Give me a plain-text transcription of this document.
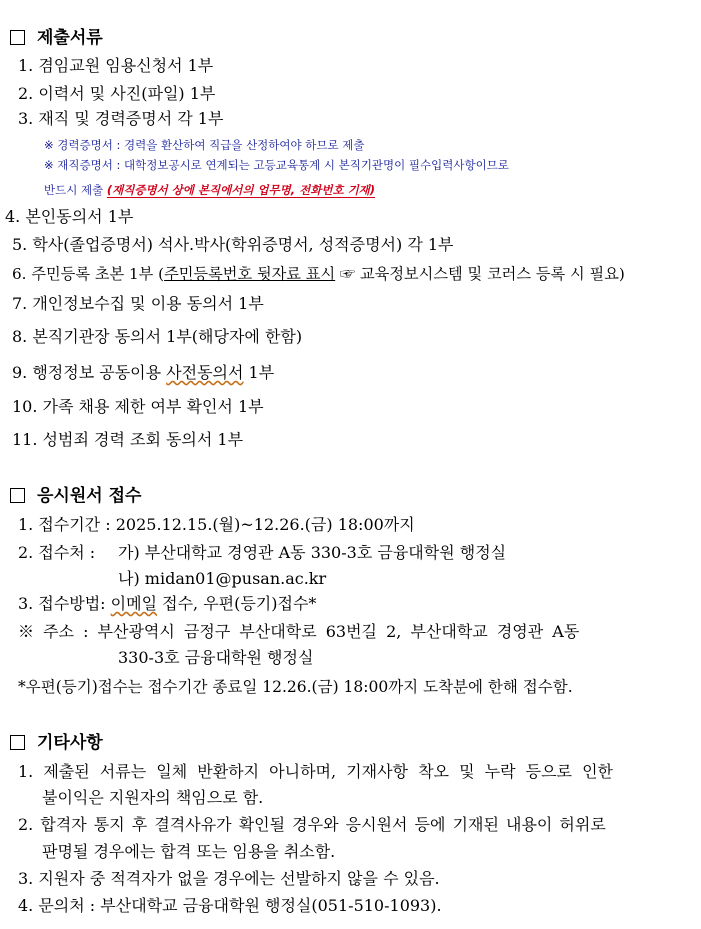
제출서류
1. 겸임교원 임용신청서 1부
2. 이력서 및 사진(파일) 1부
3. 재직 및 경력증명서 각 1부
※ 경력증명서 : 경력을 환산하여 직급을 산정하여야 하므로 제출
※ 재직증명서 : 대학정보공시로 연계되는 고등교육통계 시 본직기관명이 필수입력사항이므로
반드시 제출 (재직증명서 상에 본직에서의 업무명, 전화번호 기재)
4. 본인동의서 1부
5. 학사(졸업증명서) 석사.박사(학위증명서, 성적증명서) 각 1부
6. 주민등록 초본 1부 (주민등록번호 뒷자료 표시 ☞ 교육정보시스템 및 코러스 등록 시 필요)
7. 개인정보수집 및 이용 동의서 1부
8. 본직기관장 동의서 1부(해당자에 한함)
9. 행정정보 공동이용 사전동의서 1부
10. 가족 채용 제한 여부 확인서 1부
11. 성범죄 경력 조회 동의서 1부
응시원서 접수
1. 접수기간 : 2025.12.15.(월)~12.26.(금) 18:00까지
2. 접수처 : 가) 부산대학교 경영관 A동 330-3호 금융대학원 행정실
나) midan01@pusan.ac.kr
3. 접수방법: 이메일 접수, 우편(등기)접수*
※ 주소 : 부산광역시 금정구 부산대학로 63번길 2, 부산대학교 경영관 A동
330-3호 금융대학원 행정실
*우편(등기)접수는 접수기간 종료일 12.26.(금) 18:00까지 도착분에 한해 접수함.
기타사항
1. 제출된 서류는 일체 반환하지 아니하며, 기재사항 착오 및 누락 등으로 인한
불이익은 지원자의 책임으로 함.
2. 합격자 통지 후 결격사유가 확인될 경우와 응시원서 등에 기재된 내용이 허위로
판명될 경우에는 합격 또는 임용을 취소함.
3. 지원자 중 적격자가 없을 경우에는 선발하지 않을 수 있음.
4. 문의처 : 부산대학교 금융대학원 행정실(051-510-1093).
